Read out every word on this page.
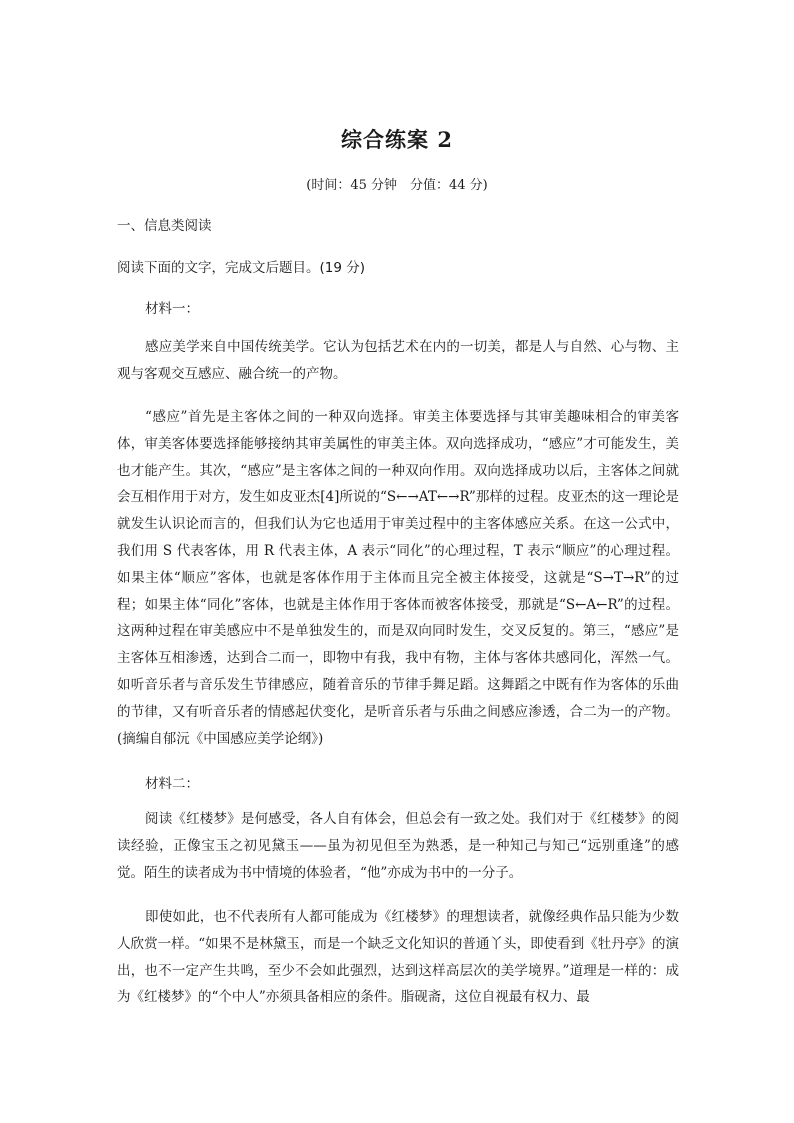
综合练案 2
(时间：45 分钟　分值：44 分)
一、信息类阅读
阅读下面的文字，完成文后题目。(19 分)
材料一：

感应美学来自中国传统美学。它认为包括艺术在内的一切美，都是人与自然、心与物、主观与客观交互感应、融合统一的产物。

“感应”首先是主客体之间的一种双向选择。审美主体要选择与其审美趣味相合的审美客体，审美客体要选择能够接纳其审美属性的审美主体。双向选择成功，“感应”才可能发生，美也才能产生。其次，“感应”是主客体之间的一种双向作用。双向选择成功以后，主客体之间就会互相作用于对方，发生如皮亚杰[4]所说的“S←→AT←→R”那样的过程。皮亚杰的这一理论是就发生认识论而言的，但我们认为它也适用于审美过程中的主客体感应关系。在这一公式中，我们用 S 代表客体，用 R 代表主体，A 表示“同化”的心理过程，T 表示“顺应”的心理过程。如果主体“顺应”客体，也就是客体作用于主体而且完全被主体接受，这就是“S→T→R”的过程；如果主体“同化”客体，也就是主体作用于客体而被客体接受，那就是“S←A←R”的过程。这两种过程在审美感应中不是单独发生的，而是双向同时发生，交叉反复的。第三，“感应”是主客体互相渗透，达到合二而一，即物中有我，我中有物，主体与客体共感同化，浑然一气。如听音乐者与音乐发生节律感应，随着音乐的节律手舞足蹈。这舞蹈之中既有作为客体的乐曲的节律，又有听音乐者的情感起伏变化，是听音乐者与乐曲之间感应渗透，合二为一的产物。(摘编自郁沅《中国感应美学论纲》)

材料二：

阅读《红楼梦》是何感受，各人自有体会，但总会有一致之处。我们对于《红楼梦》的阅读经验，正像宝玉之初见黛玉——虽为初见但至为熟悉，是一种知己与知己“远别重逢”的感觉。陌生的读者成为书中情境的体验者，“他”亦成为书中的一分子。

即使如此，也不代表所有人都可能成为《红楼梦》的理想读者，就像经典作品只能为少数人欣赏一样。“如果不是林黛玉，而是一个缺乏文化知识的普通丫头，即使看到《牡丹亭》的演出，也不一定产生共鸣，至少不会如此强烈，达到这样高层次的美学境界。”道理是一样的：成为《红楼梦》的“个中人”亦须具备相应的条件。脂砚斋，这位自视最有权力、最
